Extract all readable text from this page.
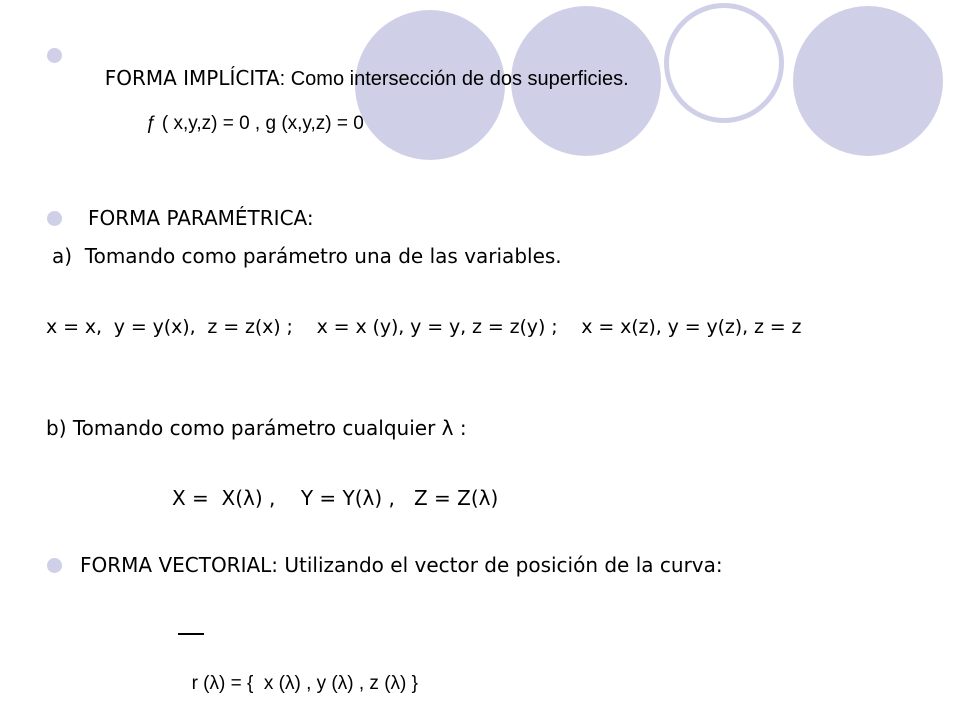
FORMA IMPLÍCITA: Como intersección de dos superficies.

ƒ ( x,y,z) = 0 , g (x,y,z) = 0
FORMA PARAMÉTRICA:
a)  Tomando como parámetro una de las variables.
x = x,  y = y(x),  z = z(x) ;    x = x (y), y = y, z = z(y) ;    x = x(z), y = y(z), z = z
b) Tomando como parámetro cualquier λ :
X =  X(λ) ,    Y = Y(λ) ,   Z = Z(λ)
FORMA VECTORIAL: Utilizando el vector de posición de la curva:

r (λ) = {  x (λ) , y (λ) , z (λ) }
